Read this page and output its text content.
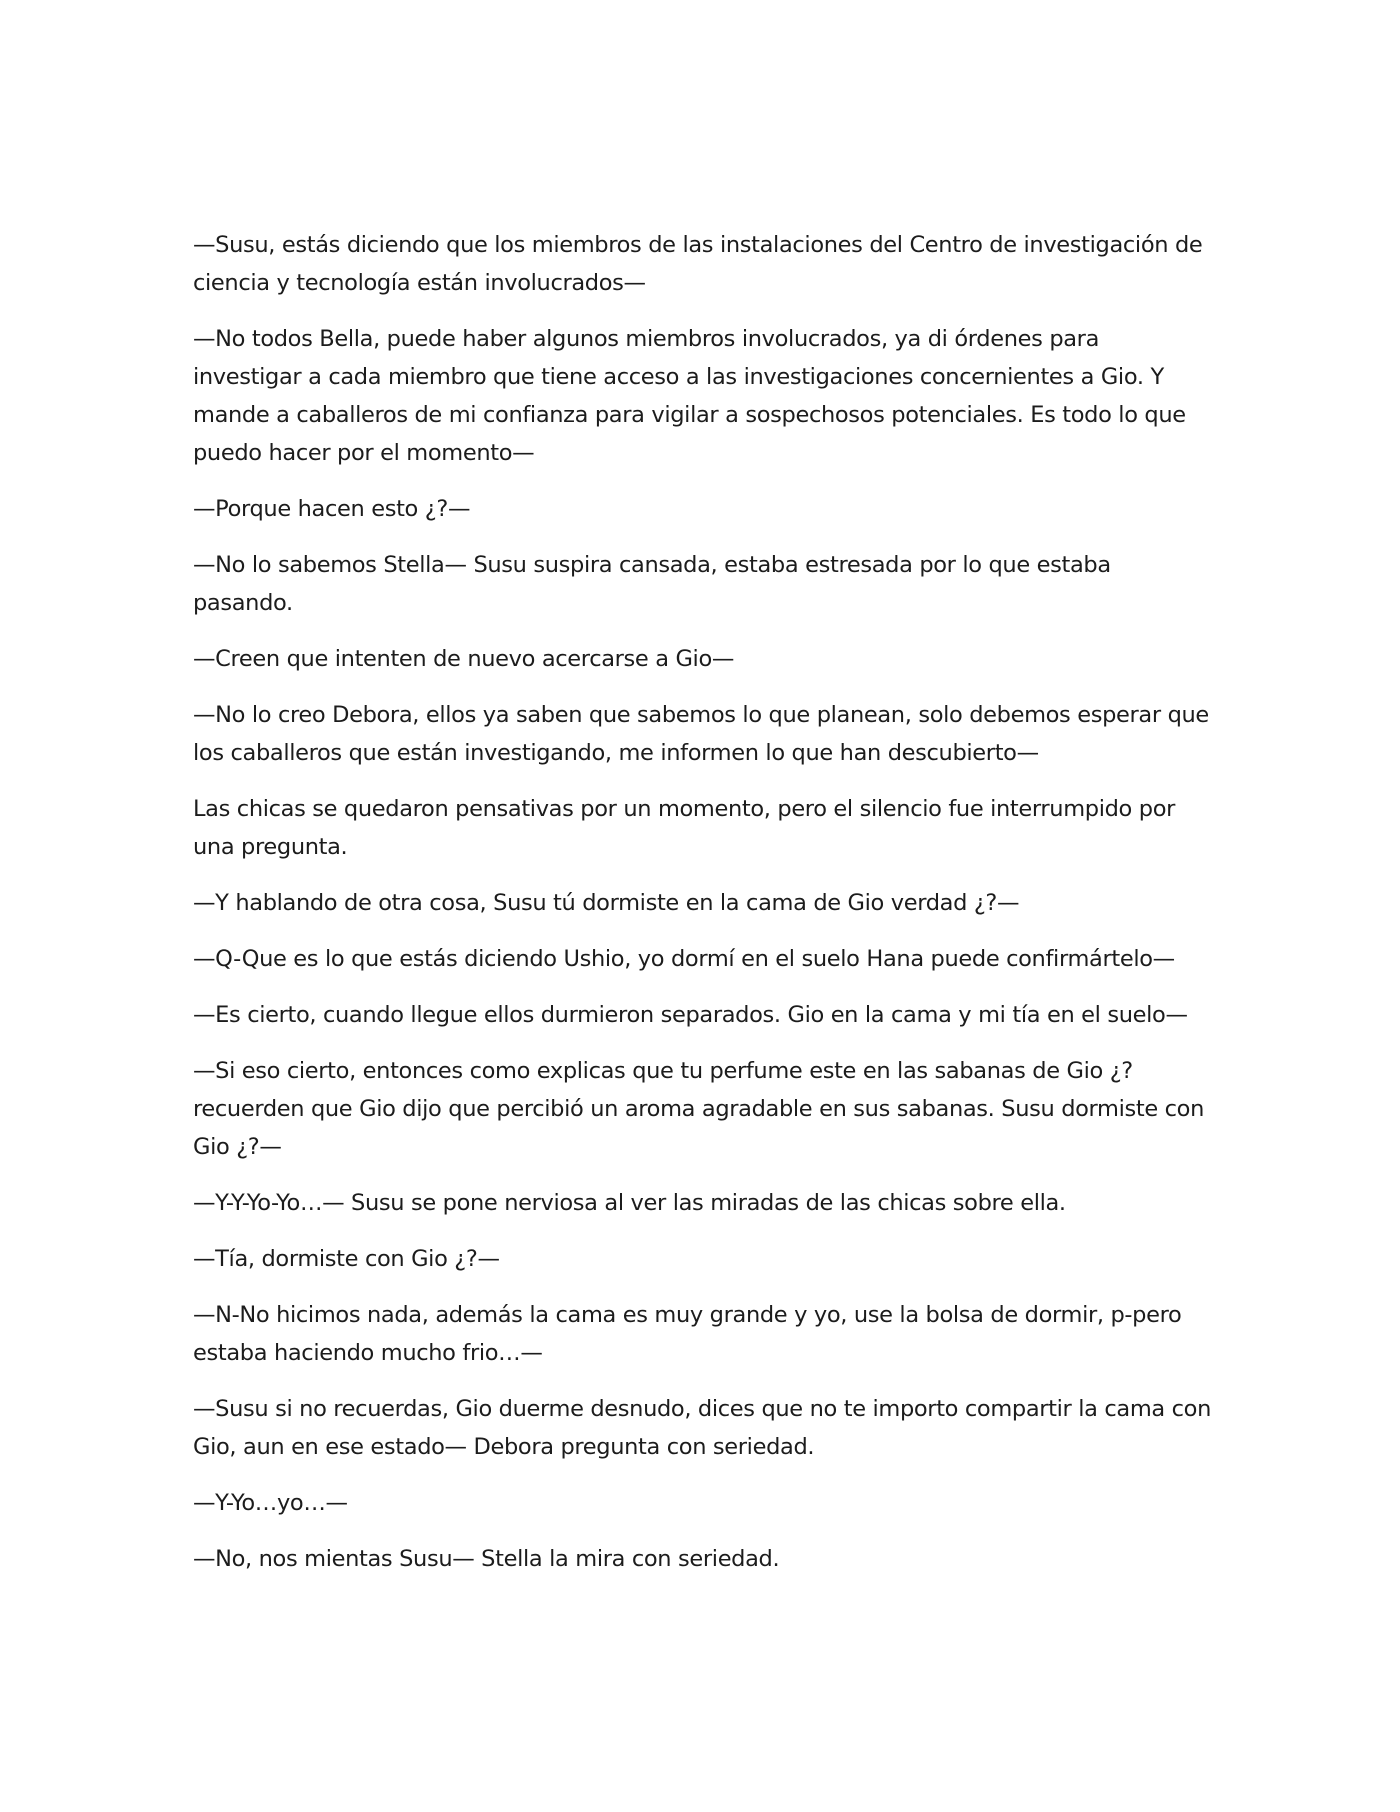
—Susu, estás diciendo que los miembros de las instalaciones del Centro de investigación de ciencia y tecnología están involucrados—

—No todos Bella, puede haber algunos miembros involucrados, ya di órdenes para investigar a cada miembro que tiene acceso a las investigaciones concernientes a Gio. Y mande a caballeros de mi confianza para vigilar a sospechosos potenciales. Es todo lo que puedo hacer por el momento—

—Porque hacen esto ¿?—

—No lo sabemos Stella— Susu suspira cansada, estaba estresada por lo que estaba pasando.

—Creen que intenten de nuevo acercarse a Gio—

—No lo creo Debora, ellos ya saben que sabemos lo que planean, solo debemos esperar que los caballeros que están investigando, me informen lo que han descubierto—

Las chicas se quedaron pensativas por un momento, pero el silencio fue interrumpido por una pregunta.

—Y hablando de otra cosa, Susu tú dormiste en la cama de Gio verdad ¿?—

—Q-Que es lo que estás diciendo Ushio, yo dormí en el suelo Hana puede confirmártelo—

—Es cierto, cuando llegue ellos durmieron separados. Gio en la cama y mi tía en el suelo—

—Si eso cierto, entonces como explicas que tu perfume este en las sabanas de Gio ¿? recuerden que Gio dijo que percibió un aroma agradable en sus sabanas. Susu dormiste con Gio ¿?—

—Y-Y-Yo-Yo…— Susu se pone nerviosa al ver las miradas de las chicas sobre ella.

—Tía, dormiste con Gio ¿?—

—N-No hicimos nada, además la cama es muy grande y yo, use la bolsa de dormir, p-pero estaba haciendo mucho frio…—

—Susu si no recuerdas, Gio duerme desnudo, dices que no te importo compartir la cama con Gio, aun en ese estado— Debora pregunta con seriedad.

—Y-Yo…yo…—

—No, nos mientas Susu— Stella la mira con seriedad.
